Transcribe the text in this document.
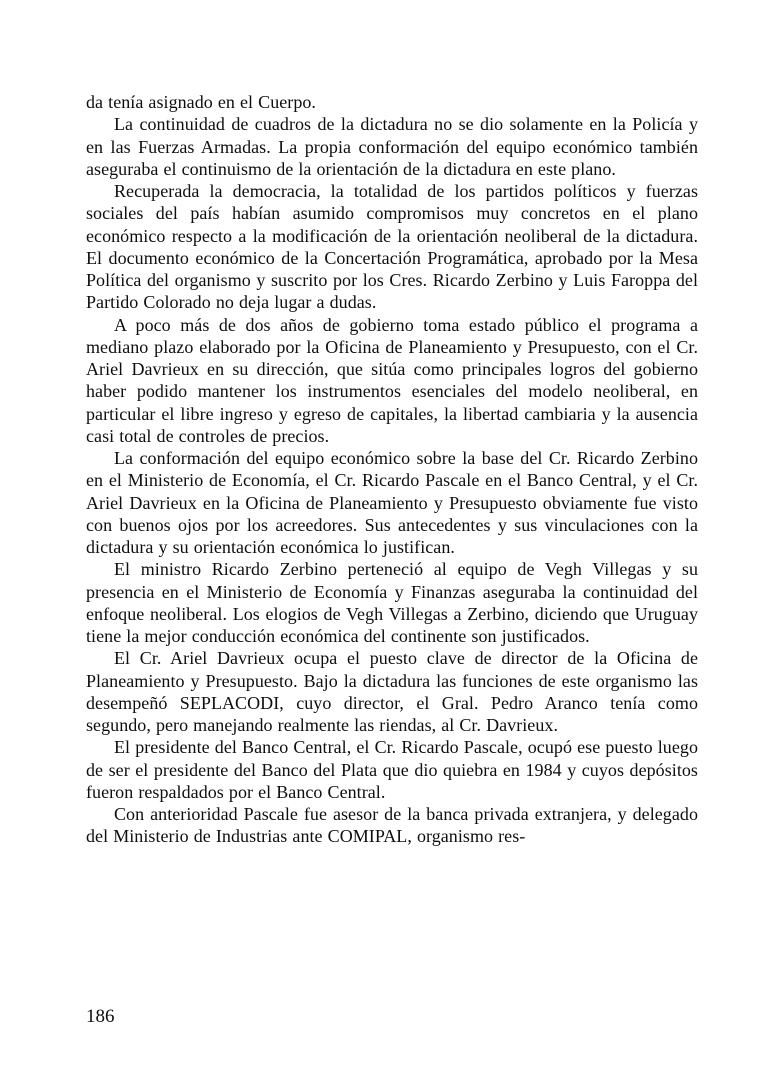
da tenía asignado en el Cuerpo.

La continuidad de cuadros de la dictadura no se dio solamente en la Policía y en las Fuerzas Armadas. La propia conformación del equipo económico también aseguraba el continuismo de la orientación de la dictadura en este plano.

Recuperada la democracia, la totalidad de los partidos políticos y fuerzas sociales del país habían asumido compromisos muy concretos en el plano económico respecto a la modificación de la orientación neoliberal de la dictadura. El documento económico de la Concertación Programática, aprobado por la Mesa Política del organismo y suscrito por los Cres. Ricardo Zerbino y Luis Faroppa del Partido Colorado no deja lugar a dudas.

A poco más de dos años de gobierno toma estado público el programa a mediano plazo elaborado por la Oficina de Planeamiento y Presupuesto, con el Cr. Ariel Davrieux en su dirección, que sitúa como principales logros del gobierno haber podido mantener los instrumentos esenciales del modelo neoliberal, en particular el libre ingreso y egreso de capitales, la libertad cambiaria y la ausencia casi total de controles de precios.

La conformación del equipo económico sobre la base del Cr. Ricardo Zerbino en el Ministerio de Economía, el Cr. Ricardo Pascale en el Banco Central, y el Cr. Ariel Davrieux en la Oficina de Planeamiento y Presupuesto obviamente fue visto con buenos ojos por los acreedores. Sus antecedentes y sus vinculaciones con la dictadura y su orientación económica lo justifican.

El ministro Ricardo Zerbino perteneció al equipo de Vegh Villegas y su presencia en el Ministerio de Economía y Finanzas aseguraba la continuidad del enfoque neoliberal. Los elogios de Vegh Villegas a Zerbino, diciendo que Uruguay tiene la mejor conducción económica del continente son justificados.

El Cr. Ariel Davrieux ocupa el puesto clave de director de la Oficina de Planeamiento y Presupuesto. Bajo la dictadura las funciones de este organismo las desempeñó SEPLACODI, cuyo director, el Gral. Pedro Aranco tenía como segundo, pero manejando realmente las riendas, al Cr. Davrieux.

El presidente del Banco Central, el Cr. Ricardo Pascale, ocupó ese puesto luego de ser el presidente del Banco del Plata que dio quiebra en 1984 y cuyos depósitos fueron respaldados por el Banco Central.

Con anterioridad Pascale fue asesor de la banca privada extranjera, y delegado del Ministerio de Industrias ante COMIPAL, organismo res-

186
